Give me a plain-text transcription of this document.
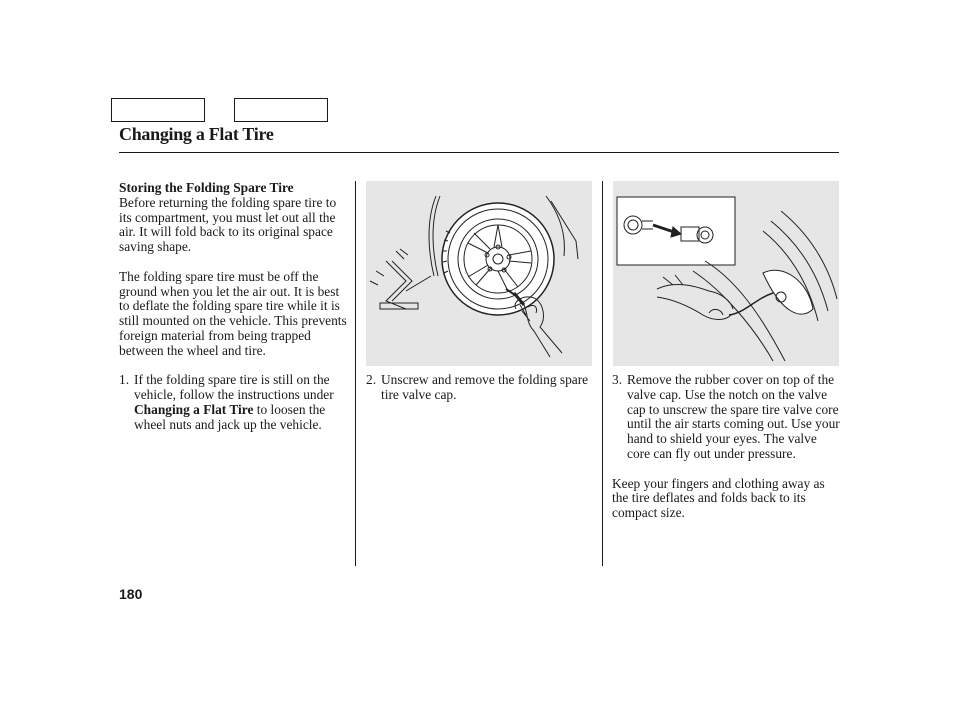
Changing a Flat Tire

Storing the Folding Spare Tire

Before returning the folding spare tire to its compartment, you must let out all the air. It will fold back to its original space saving shape.

The folding spare tire must be off the ground when you let the air out. It is best to deflate the folding spare tire while it is still mounted on the vehicle. This prevents foreign material from being trapped between the wheel and tire.

1. If the folding spare tire is still on the vehicle, follow the instructions under Changing a Flat Tire to loosen the wheel nuts and jack up the vehicle.
2. Unscrew and remove the folding spare tire valve cap.
3. Remove the rubber cover on top of the valve cap. Use the notch on the valve cap to unscrew the spare tire valve core until the air starts coming out. Use your hand to shield your eyes. The valve core can fly out under pressure.

Keep your fingers and clothing away as the tire deflates and folds back to its compact size.

180
